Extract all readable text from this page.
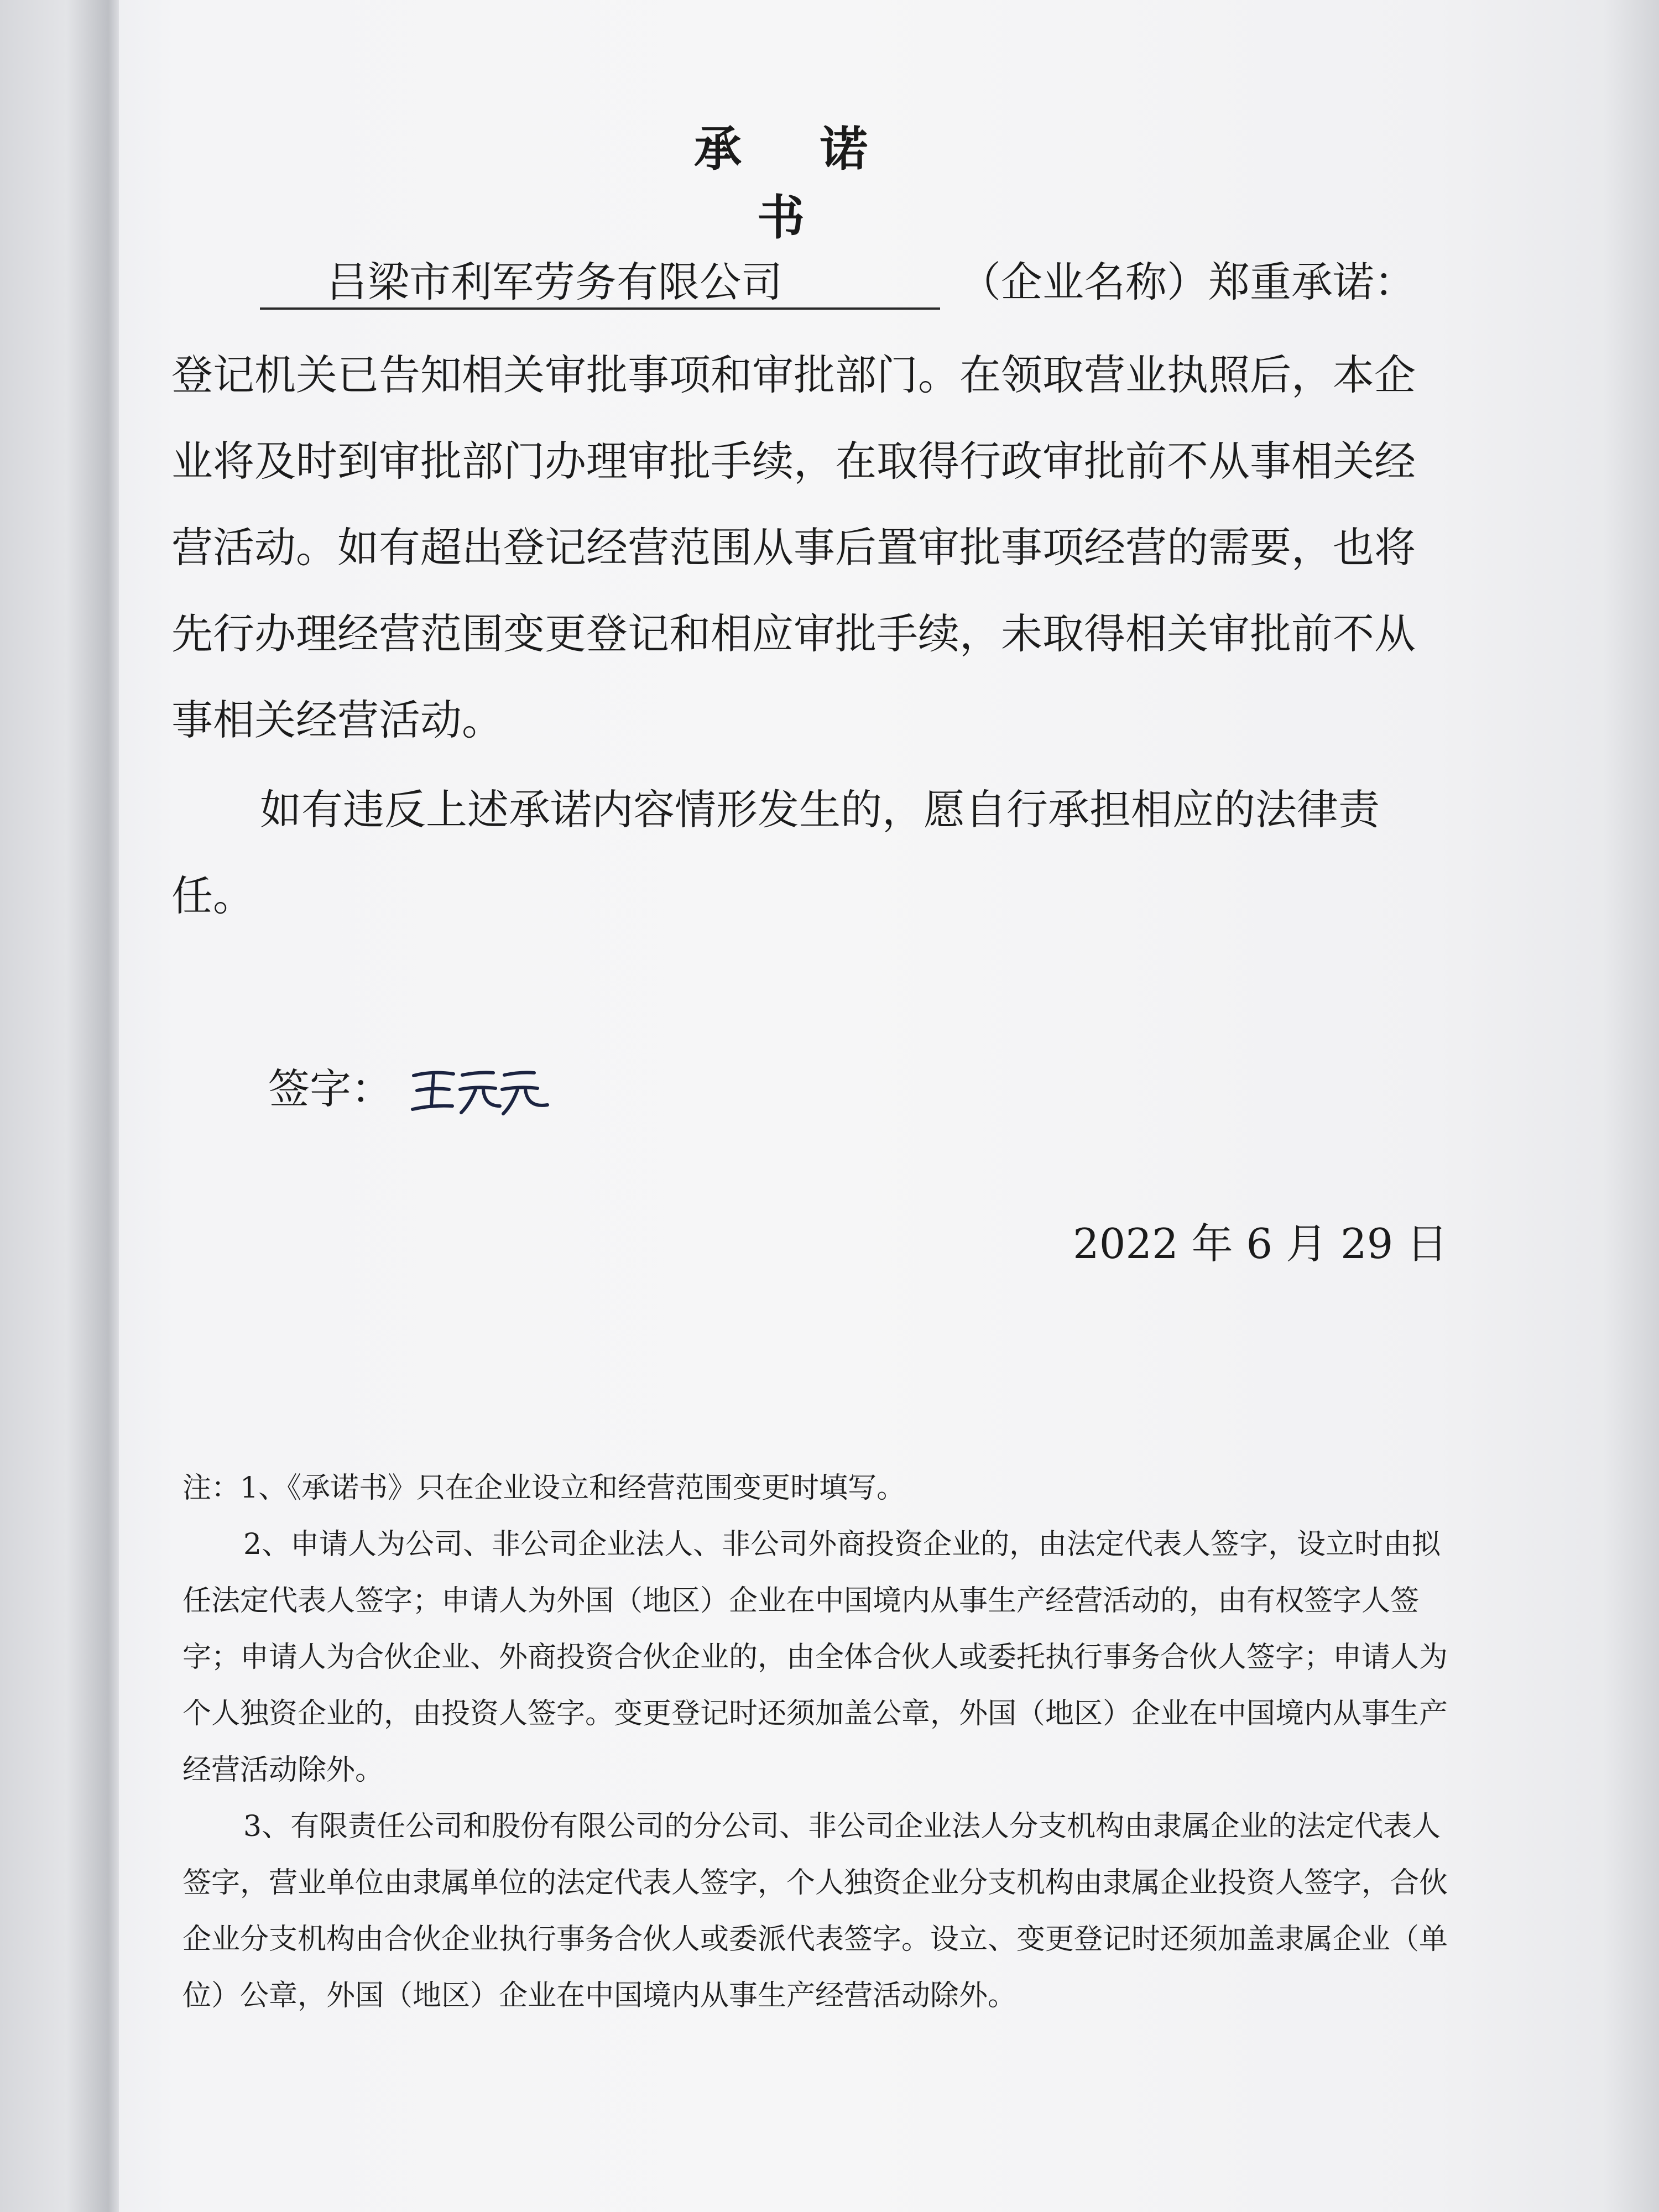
承 诺 书
吕梁市利军劳务有限公司	（企业名称）郑重承诺：
登记机关已告知相关审批事项和审批部门。在领取营业执照后，本企业将及时到审批部门办理审批手续，在取得行政审批前不从事相关经营活动。如有超出登记经营范围从事后置审批事项经营的需要，也将先行办理经营范围变更登记和相应审批手续，未取得相关审批前不从事相关经营活动。
如有违反上述承诺内容情形发生的，愿自行承担相应的法律责任。
签字：
2022 年 6 月 29 日
注：1、《承诺书》只在企业设立和经营范围变更时填写。
2、申请人为公司、非公司企业法人、非公司外商投资企业的，由法定代表人签字，设立时由拟任法定代表人签字；申请人为外国（地区）企业在中国境内从事生产经营活动的，由有权签字人签字；申请人为合伙企业、外商投资合伙企业的，由全体合伙人或委托执行事务合伙人签字；申请人为个人独资企业的，由投资人签字。变更登记时还须加盖公章，外国（地区）企业在中国境内从事生产经营活动除外。
3、有限责任公司和股份有限公司的分公司、非公司企业法人分支机构由隶属企业的法定代表人签字，营业单位由隶属单位的法定代表人签字，个人独资企业分支机构由隶属企业投资人签字，合伙企业分支机构由合伙企业执行事务合伙人或委派代表签字。设立、变更登记时还须加盖隶属企业（单位）公章，外国（地区）企业在中国境内从事生产经营活动除外。
